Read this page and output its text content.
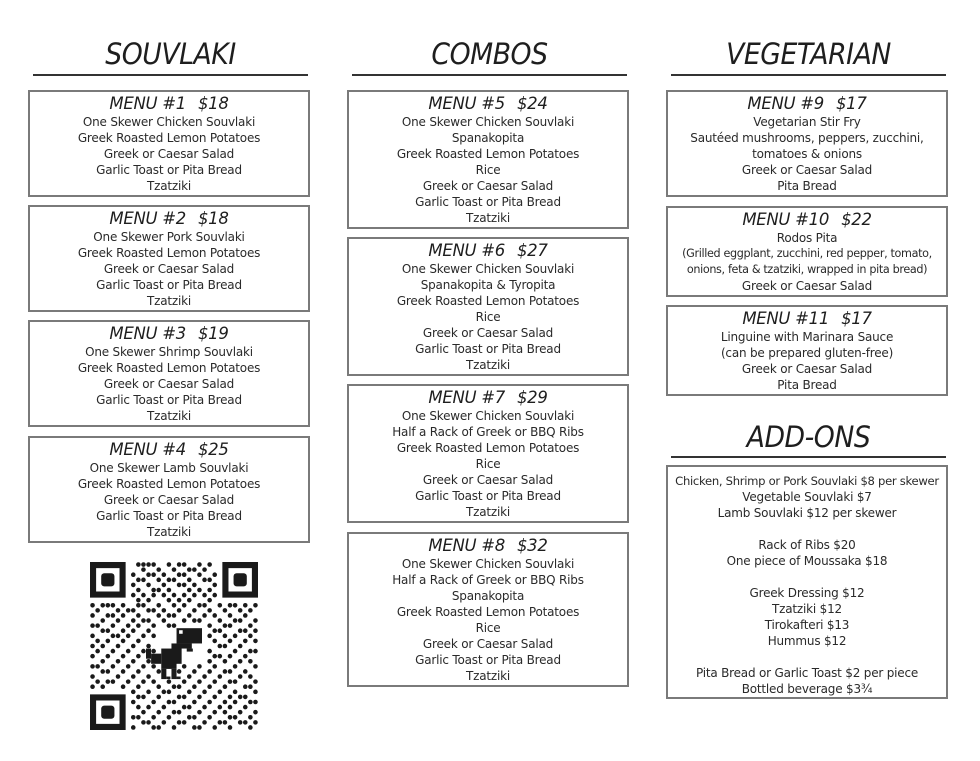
SOUVLAKI
MENU #1 $18
One Skewer Chicken Souvlaki
Greek Roasted Lemon Potatoes
Greek or Caesar Salad
Garlic Toast or Pita Bread
Tzatziki
MENU #2 $18
One Skewer Pork Souvlaki
Greek Roasted Lemon Potatoes
Greek or Caesar Salad
Garlic Toast or Pita Bread
Tzatziki
MENU #3 $19
One Skewer Shrimp Souvlaki
Greek Roasted Lemon Potatoes
Greek or Caesar Salad
Garlic Toast or Pita Bread
Tzatziki
MENU #4 $25
One Skewer Lamb Souvlaki
Greek Roasted Lemon Potatoes
Greek or Caesar Salad
Garlic Toast or Pita Bread
Tzatziki
COMBOS
MENU #5 $24
One Skewer Chicken Souvlaki
Spanakopita
Greek Roasted Lemon Potatoes
Rice
Greek or Caesar Salad
Garlic Toast or Pita Bread
Tzatziki
MENU #6 $27
One Skewer Chicken Souvlaki
Spanakopita & Tyropita
Greek Roasted Lemon Potatoes
Rice
Greek or Caesar Salad
Garlic Toast or Pita Bread
Tzatziki
MENU #7 $29
One Skewer Chicken Souvlaki
Half a Rack of Greek or BBQ Ribs
Greek Roasted Lemon Potatoes
Rice
Greek or Caesar Salad
Garlic Toast or Pita Bread
Tzatziki
MENU #8 $32
One Skewer Chicken Souvlaki
Half a Rack of Greek or BBQ Ribs
Spanakopita
Greek Roasted Lemon Potatoes
Rice
Greek or Caesar Salad
Garlic Toast or Pita Bread
Tzatziki
VEGETARIAN
MENU #9 $17
Vegetarian Stir Fry
Sautéed mushrooms, peppers, zucchini,
tomatoes & onions
Greek or Caesar Salad
Pita Bread
MENU #10 $22
Rodos Pita
(Grilled eggplant, zucchini, red pepper, tomato,
onions, feta & tzatziki, wrapped in pita bread)
Greek or Caesar Salad
MENU #11 $17
Linguine with Marinara Sauce
(can be prepared gluten-free)
Greek or Caesar Salad
Pita Bread
ADD-ONS
Chicken, Shrimp or Pork Souvlaki $8 per skewer
Vegetable Souvlaki $7
Lamb Souvlaki $12 per skewer
Rack of Ribs $20
One piece of Moussaka $18
Greek Dressing $12
Tzatziki $12
Tirokafteri $13
Hummus $12
Pita Bread or Garlic Toast $2 per piece
Bottled beverage $3¾
